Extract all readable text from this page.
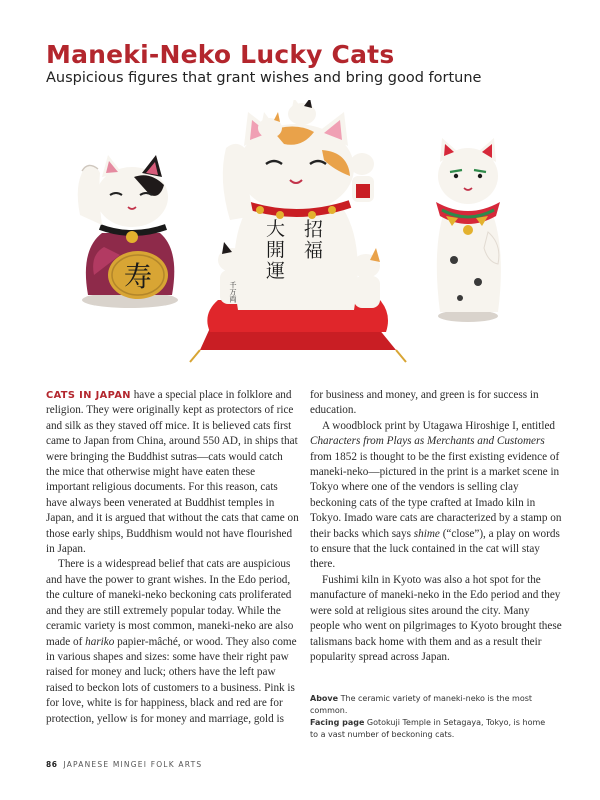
Maneki-Neko Lucky Cats
Auspicious figures that grant wishes and bring good fortune
寿	大開運 招福
千万両

CATS IN JAPAN have a special place in folklore and religion. They were originally kept as protectors of rice and silk as they staved off mice. It is believed cats first came to Japan from China, around 550 AD, in ships that were bringing the Buddhist sutras—cats would catch the mice that otherwise might have eaten these important religious documents. For this reason, cats have always been venerated at Buddhist temples in Japan, and it is argued that without the cats that came on those early ships, Buddhism would not have flourished in Japan.

There is a widespread belief that cats are auspicious and have the power to grant wishes. In the Edo period, the culture of maneki-neko beckoning cats proliferated and they are still extremely popular today. While the ceramic variety is most common, maneki-neko are also made of hariko papier-mâché, or wood. They also come in various shapes and sizes: some have their right paw raised for money and luck; others have the left paw raised to beckon lots of customers to a business. Pink is for love, white is for happiness, black and red are for protection, yellow is for money and marriage, gold is

for business and money, and green is for success in education.

A woodblock print by Utagawa Hiroshige I, entitled Characters from Plays as Merchants and Customers from 1852 is thought to be the first existing evidence of maneki-neko—pictured in the print is a market scene in Tokyo where one of the vendors is selling clay beckoning cats of the type crafted at Imado kiln in Tokyo. Imado ware cats are characterized by a stamp on their backs which says shime (“close”), a play on words to ensure that the luck contained in the cat will stay there.

Fushimi kiln in Kyoto was also a hot spot for the manufacture of maneki-neko in the Edo period and they were sold at religious sites around the city. Many people who went on pilgrimages to Kyoto brought these talismans back home with them and as a result their popularity spread across Japan.

Above The ceramic variety of maneki-neko is the most common.
Facing page Gotokuji Temple in Setagaya, Tokyo, is home to a vast number of beckoning cats.
86 JAPANESE MINGEI FOLK ARTS
